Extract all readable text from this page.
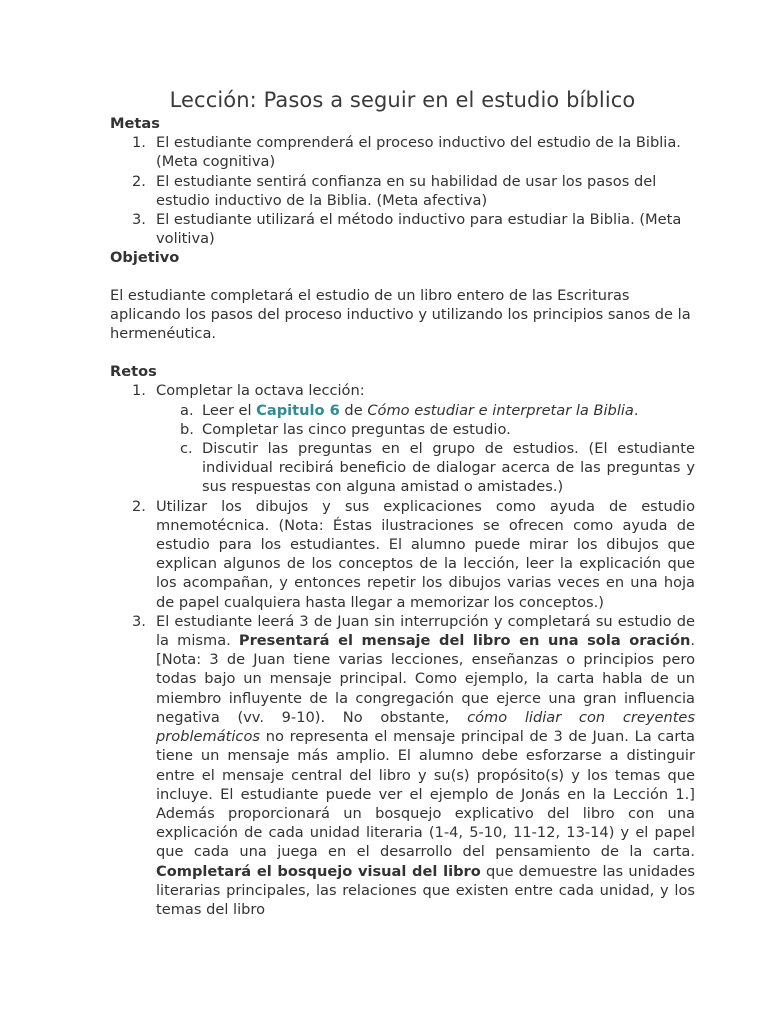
Lección: Pasos a seguir en el estudio bíblico
Metas
1. El estudiante comprenderá el proceso inductivo del estudio de la Biblia. (Meta cognitiva)
2. El estudiante sentirá confianza en su habilidad de usar los pasos del estudio inductivo de la Biblia. (Meta afectiva)
3. El estudiante utilizará el método inductivo para estudiar la Biblia. (Meta volitiva)
Objetivo

El estudiante completará el estudio de un libro entero de las Escrituras aplicando los pasos del proceso inductivo y utilizando los principios sanos de la hermenéutica.

Retos
1. Completar la octava lección:
a. Leer el Capitulo 6 de Cómo estudiar e interpretar la Biblia.
b. Completar las cinco preguntas de estudio.
c. Discutir las preguntas en el grupo de estudios. (El estudiante individual recibirá beneficio de dialogar acerca de las preguntas y sus respuestas con alguna amistad o amistades.)
2. Utilizar los dibujos y sus explicaciones como ayuda de estudio mnemotécnica. (Nota: Éstas ilustraciones se ofrecen como ayuda de estudio para los estudiantes. El alumno puede mirar los dibujos que explican algunos de los conceptos de la lección, leer la explicación que los acompañan, y entonces repetir los dibujos varias veces en una hoja de papel cualquiera hasta llegar a memorizar los conceptos.)
3. El estudiante leerá 3 de Juan sin interrupción y completará su estudio de la misma. Presentará el mensaje del libro en una sola oración. [Nota: 3 de Juan tiene varias lecciones, enseñanzas o principios pero todas bajo un mensaje principal. Como ejemplo, la carta habla de un miembro influyente de la congregación que ejerce una gran influencia negativa (vv. 9-10). No obstante, cómo lidiar con creyentes problemáticos no representa el mensaje principal de 3 de Juan. La carta tiene un mensaje más amplio. El alumno debe esforzarse a distinguir entre el mensaje central del libro y su(s) propósito(s) y los temas que incluye. El estudiante puede ver el ejemplo de Jonás en la Lección 1.] Además proporcionará un bosquejo explicativo del libro con una explicación de cada unidad literaria (1-4, 5-10, 11-12, 13-14) y el papel que cada una juega en el desarrollo del pensamiento de la carta. Completará el bosquejo visual del libro que demuestre las unidades literarias principales, las relaciones que existen entre cada unidad, y los temas del libro
